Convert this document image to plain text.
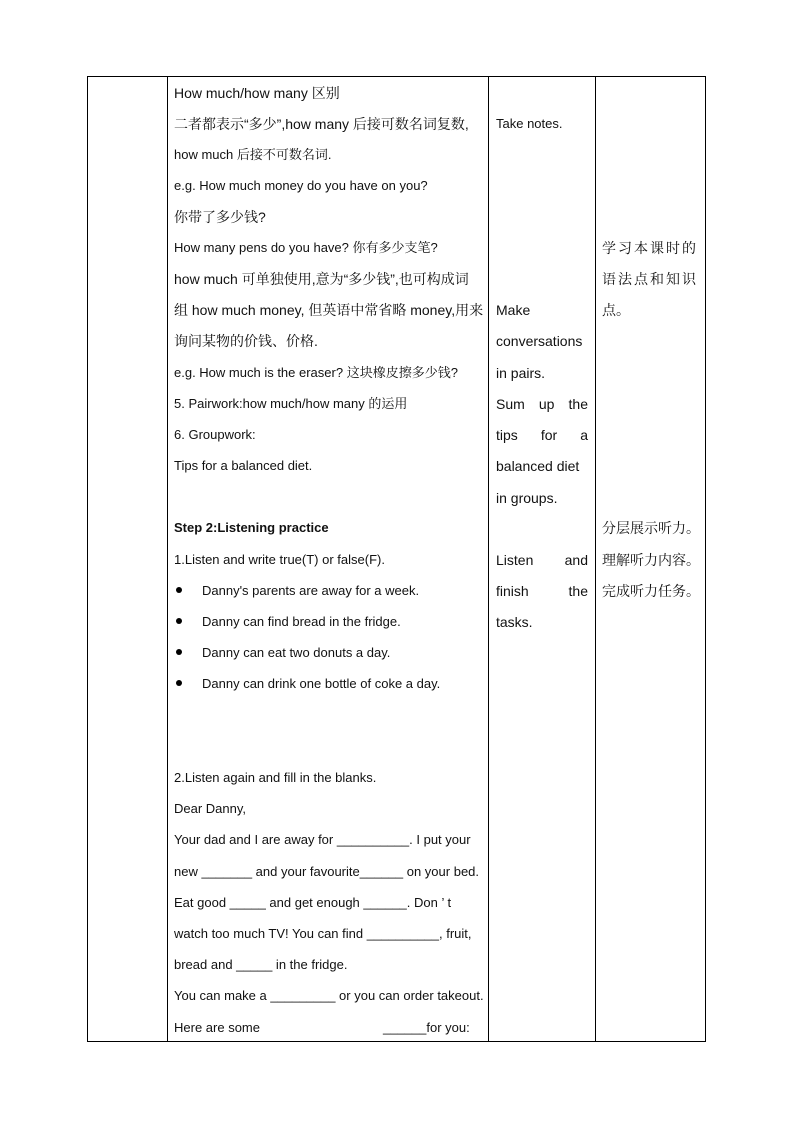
How much/how many 区别
二者都表示“多少”,how many 后接可数名词复数,
how much 后接不可数名词.
e.g. How much money do you have on you?
你带了多少钱?
How many pens do you have? 你有多少支笔?
how much 可单独使用,意为“多少钱”,也可构成词
组 how much money, 但英语中常省略 money,用来
询问某物的价钱、价格.
e.g. How much is the eraser? 这块橡皮擦多少钱?
5. Pairwork:how much/how many 的运用
6. Groupwork:
Tips for a balanced diet.
Step 2:Listening practice
1.Listen and write true(T) or false(F).
Danny's parents are away for a week.
Danny can find bread in the fridge.
Danny can eat two donuts a day.
Danny can drink one bottle of coke a day.
2.Listen again and fill in the blanks.
Dear Danny,
Your dad and I are away for __________. I put your
new _______ and your favourite______ on your bed.
Eat good _____ and get enough ______. Don ’ t
watch too much TV! You can find __________, fruit,
bread and _____ in the fridge.
You can make a _________ or you can order takeout.
Here are some	______for you:
Take notes.
Make
conversations
in pairs.
Sum up the
tips for a
balanced diet
in groups.
Listen and
finish	the
tasks.
学习本课时的
语法点和知识
点。
分层展示听力。
理解听力内容。
完成听力任务。
